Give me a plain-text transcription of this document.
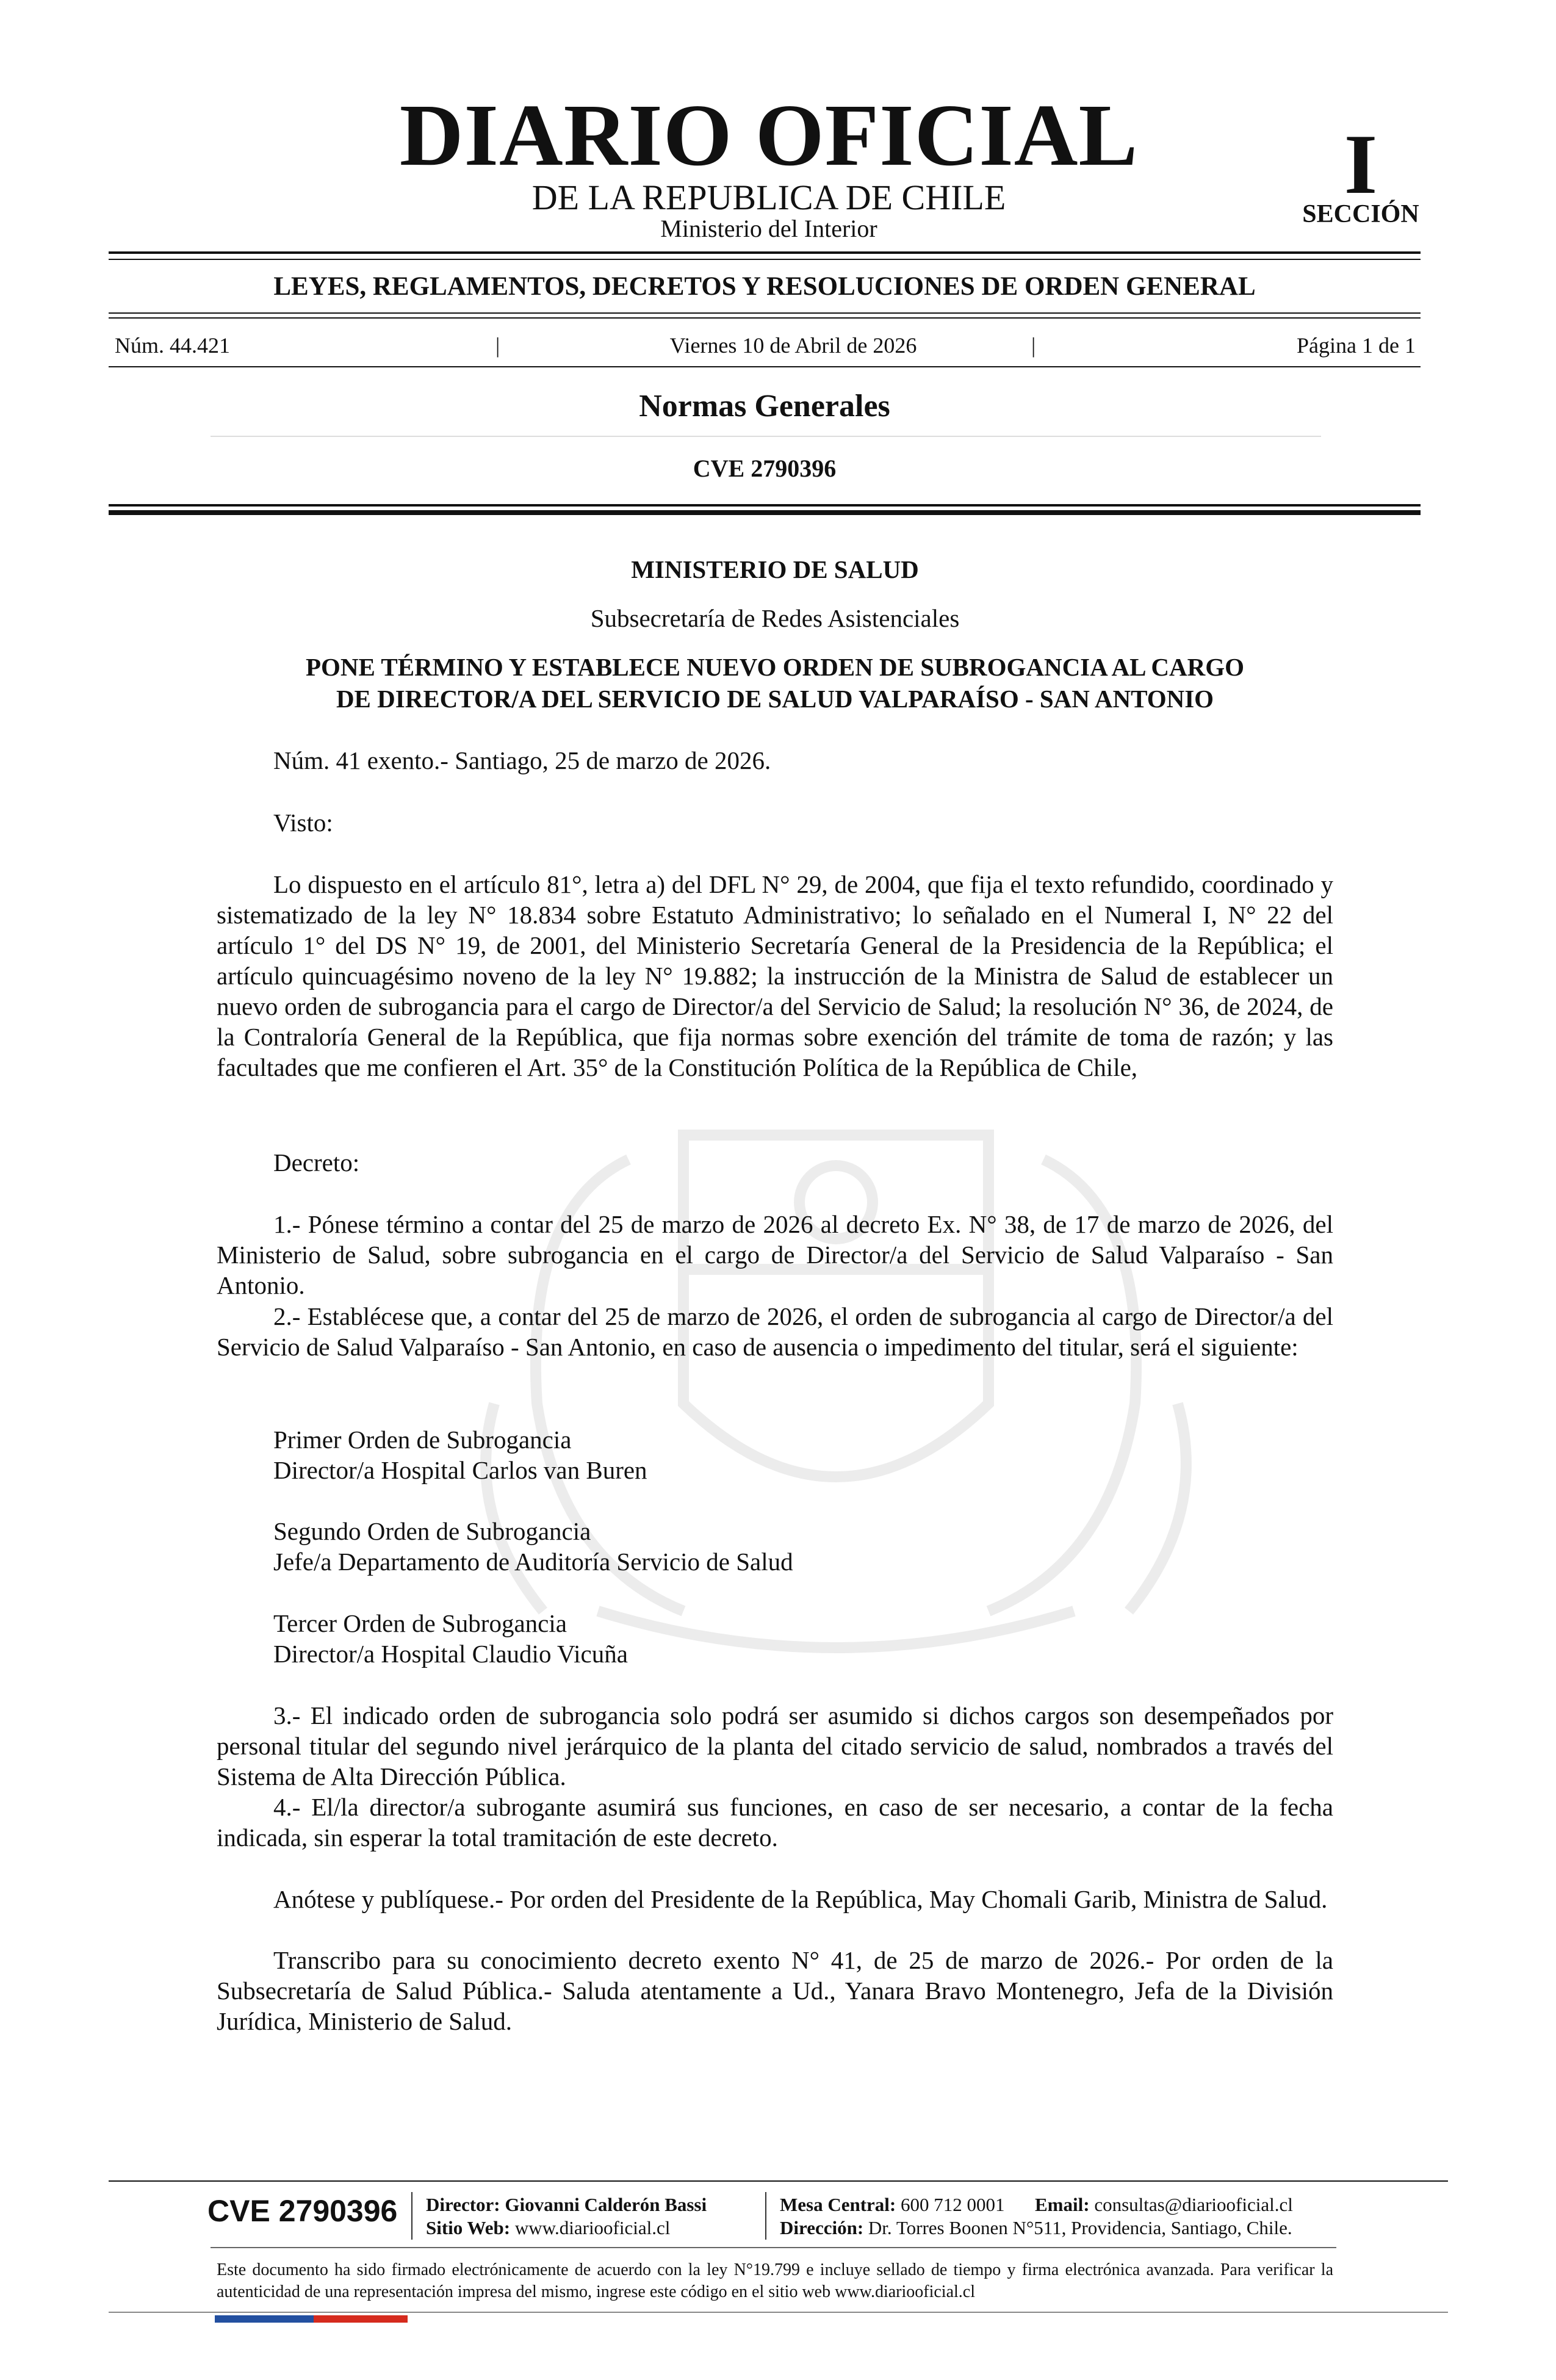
DIARIO OFICIAL
DE LA REPUBLICA DE CHILE
Ministerio del Interior
I
SECCIÓN
LEYES, REGLAMENTOS, DECRETOS Y RESOLUCIONES DE ORDEN GENERAL
Núm. 44.421	|	Viernes 10 de Abril de 2026	|	Página 1 de 1
Normas Generales
CVE 2790396
MINISTERIO DE SALUD
Subsecretaría de Redes Asistenciales
PONE TÉRMINO Y ESTABLECE NUEVO ORDEN DE SUBROGANCIA AL CARGO
DE DIRECTOR/A DEL SERVICIO DE SALUD VALPARAÍSO - SAN ANTONIO
Núm. 41 exento.- Santiago, 25 de marzo de 2026.
Visto:
Lo dispuesto en el artículo 81°, letra a) del DFL N° 29, de 2004, que fija el texto refundido, coordinado y sistematizado de la ley N° 18.834 sobre Estatuto Administrativo; lo señalado en el Numeral I, N° 22 del artículo 1° del DS N° 19, de 2001, del Ministerio Secretaría General de la Presidencia de la República; el artículo quincuagésimo noveno de la ley N° 19.882; la instrucción de la Ministra de Salud de establecer un nuevo orden de subrogancia para el cargo de Director/a del Servicio de Salud; la resolución N° 36, de 2024, de la Contraloría General de la República, que fija normas sobre exención del trámite de toma de razón; y las facultades que me confieren el Art. 35° de la Constitución Política de la República de Chile,
Decreto:
1.- Pónese término a contar del 25 de marzo de 2026 al decreto Ex. N° 38, de 17 de marzo de 2026, del Ministerio de Salud, sobre subrogancia en el cargo de Director/a del Servicio de Salud Valparaíso - San Antonio.
2.- Establécese que, a contar del 25 de marzo de 2026, el orden de subrogancia al cargo de Director/a del Servicio de Salud Valparaíso - San Antonio, en caso de ausencia o impedimento del titular, será el siguiente:
Primer Orden de Subrogancia
Director/a Hospital Carlos van Buren
Segundo Orden de Subrogancia
Jefe/a Departamento de Auditoría Servicio de Salud
Tercer Orden de Subrogancia
Director/a Hospital Claudio Vicuña
3.- El indicado orden de subrogancia solo podrá ser asumido si dichos cargos son desempeñados por personal titular del segundo nivel jerárquico de la planta del citado servicio de salud, nombrados a través del Sistema de Alta Dirección Pública.
4.- El/la director/a subrogante asumirá sus funciones, en caso de ser necesario, a contar de la fecha indicada, sin esperar la total tramitación de este decreto.
Anótese y publíquese.- Por orden del Presidente de la República, May Chomali Garib, Ministra de Salud.
Transcribo para su conocimiento decreto exento N° 41, de 25 de marzo de 2026.- Por orden de la Subsecretaría de Salud Pública.- Saluda atentamente a Ud., Yanara Bravo Montenegro, Jefa de la División Jurídica, Ministerio de Salud.
CVE 2790396 Director: Giovanni Calderón Bassi
Sitio Web: www.diariooficial.cl
Mesa Central: 600 712 0001 Email: consultas@diariooficial.cl
Dirección: Dr. Torres Boonen N°511, Providencia, Santiago, Chile.
Este documento ha sido firmado electrónicamente de acuerdo con la ley N°19.799 e incluye sellado de tiempo y firma electrónica avanzada. Para verificar la autenticidad de una representación impresa del mismo, ingrese este código en el sitio web www.diariooficial.cl
